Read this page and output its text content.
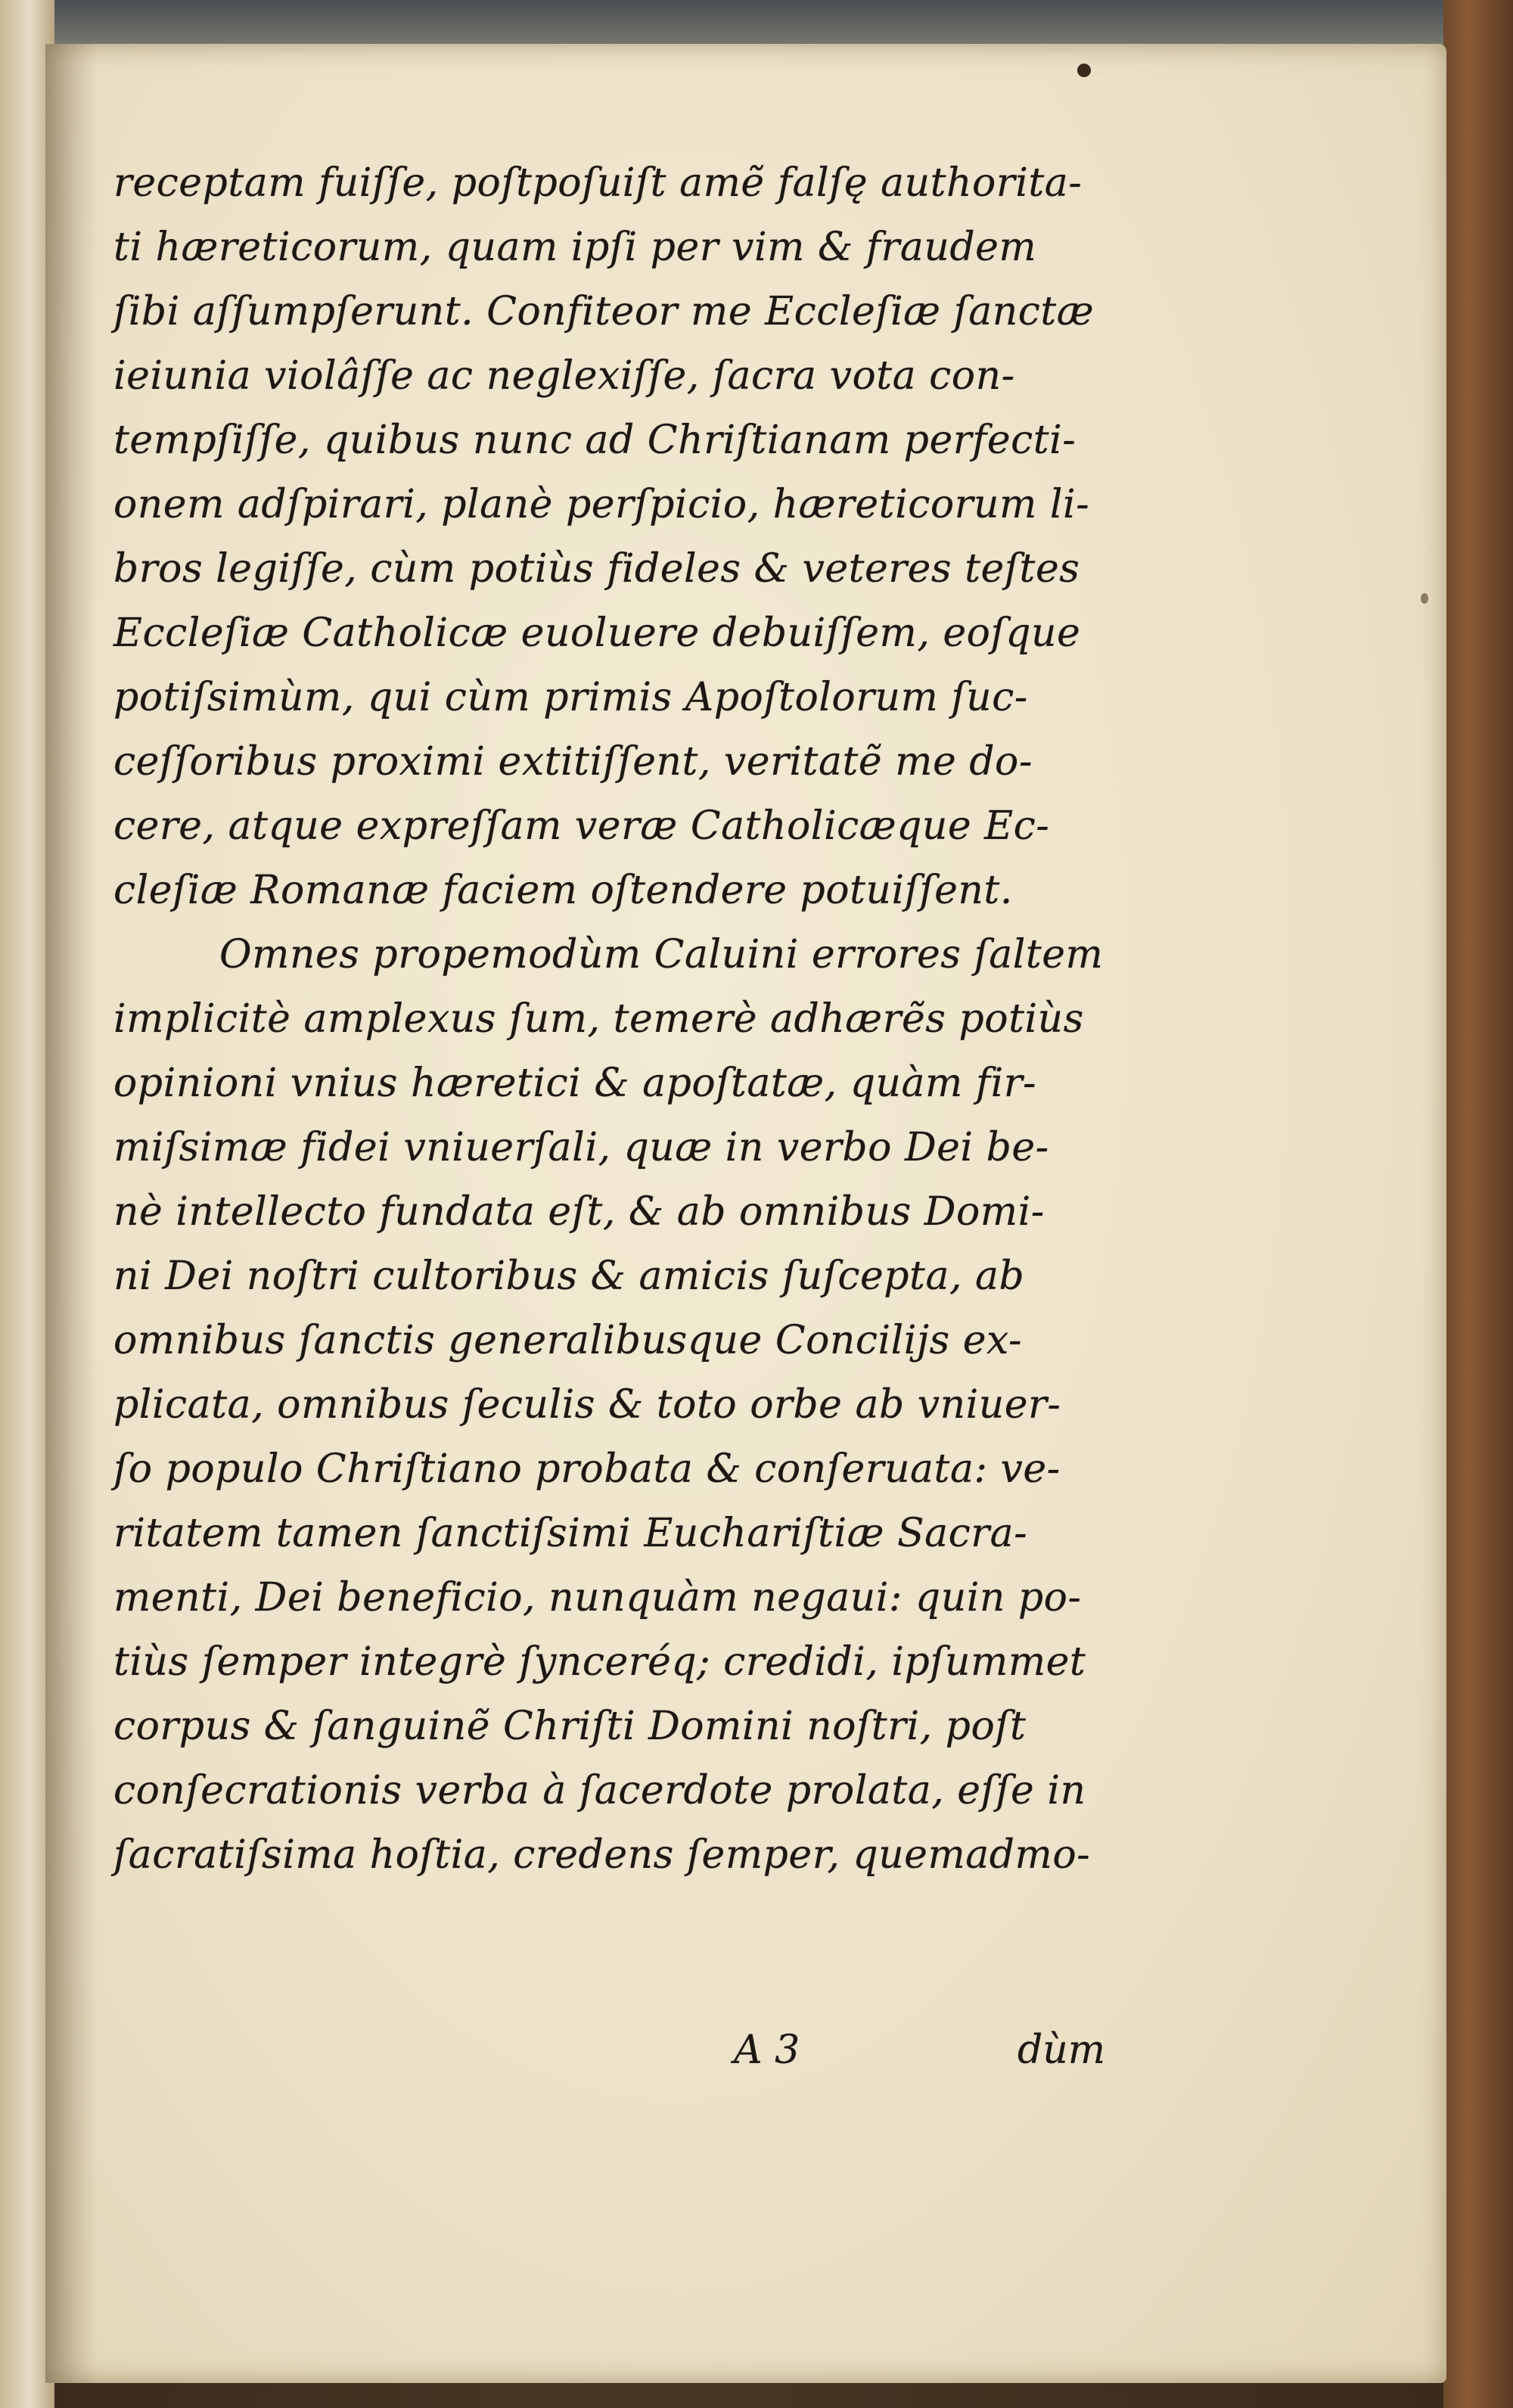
receptam fuiſſe, poſtpoſuiſt amẽ falſę authorita-
ti hæreticorum, quam ipſi per vim & fraudem
ſibi aſſumpſerunt. Confiteor me Eccleſiæ ſanctæ
ieiunia violâſſe ac neglexiſſe, ſacra vota con-
tempſiſſe, quibus nunc ad Chriſtianam perfecti-
onem adſpirari, planè perſpicio, hæreticorum li-
bros legiſſe, cùm potiùs fideles & veteres teſtes
Eccleſiæ Catholicæ euoluere debuiſſem, eoſque
potiſsimùm, qui cùm primis Apoſtolorum ſuc-
ceſſoribus proximi extitiſſent, veritatẽ me do-
cere, atque expreſſam veræ Catholicæque Ec-
cleſiæ Romanæ faciem oſtendere potuiſſent.
Omnes propemodùm Caluini errores ſaltem
implicitè amplexus ſum, temerè adhærẽs potiùs
opinioni vnius hæretici & apoſtatæ, quàm fir-
miſsimæ fidei vniuerſali, quæ in verbo Dei be-
nè intellecto fundata eſt, & ab omnibus Domi-
ni Dei noſtri cultoribus & amicis ſuſcepta, ab
omnibus ſanctis generalibusque Concilijs ex-
plicata, omnibus ſeculis & toto orbe ab vniuer-
ſo populo Chriſtiano probata & conſeruata: ve-
ritatem tamen ſanctiſsimi Euchariſtiæ Sacra-
menti, Dei beneficio, nunquàm negaui: quin po-
tiùs ſemper integrè ſynceréq; credidi, ipſummet
corpus & ſanguinẽ Chriſti Domini noſtri, poſt
conſecrationis verba à ſacerdote prolata, eſſe in
ſacratiſsima hoſtia, credens ſemper, quemadmo-
A 3	dùm
